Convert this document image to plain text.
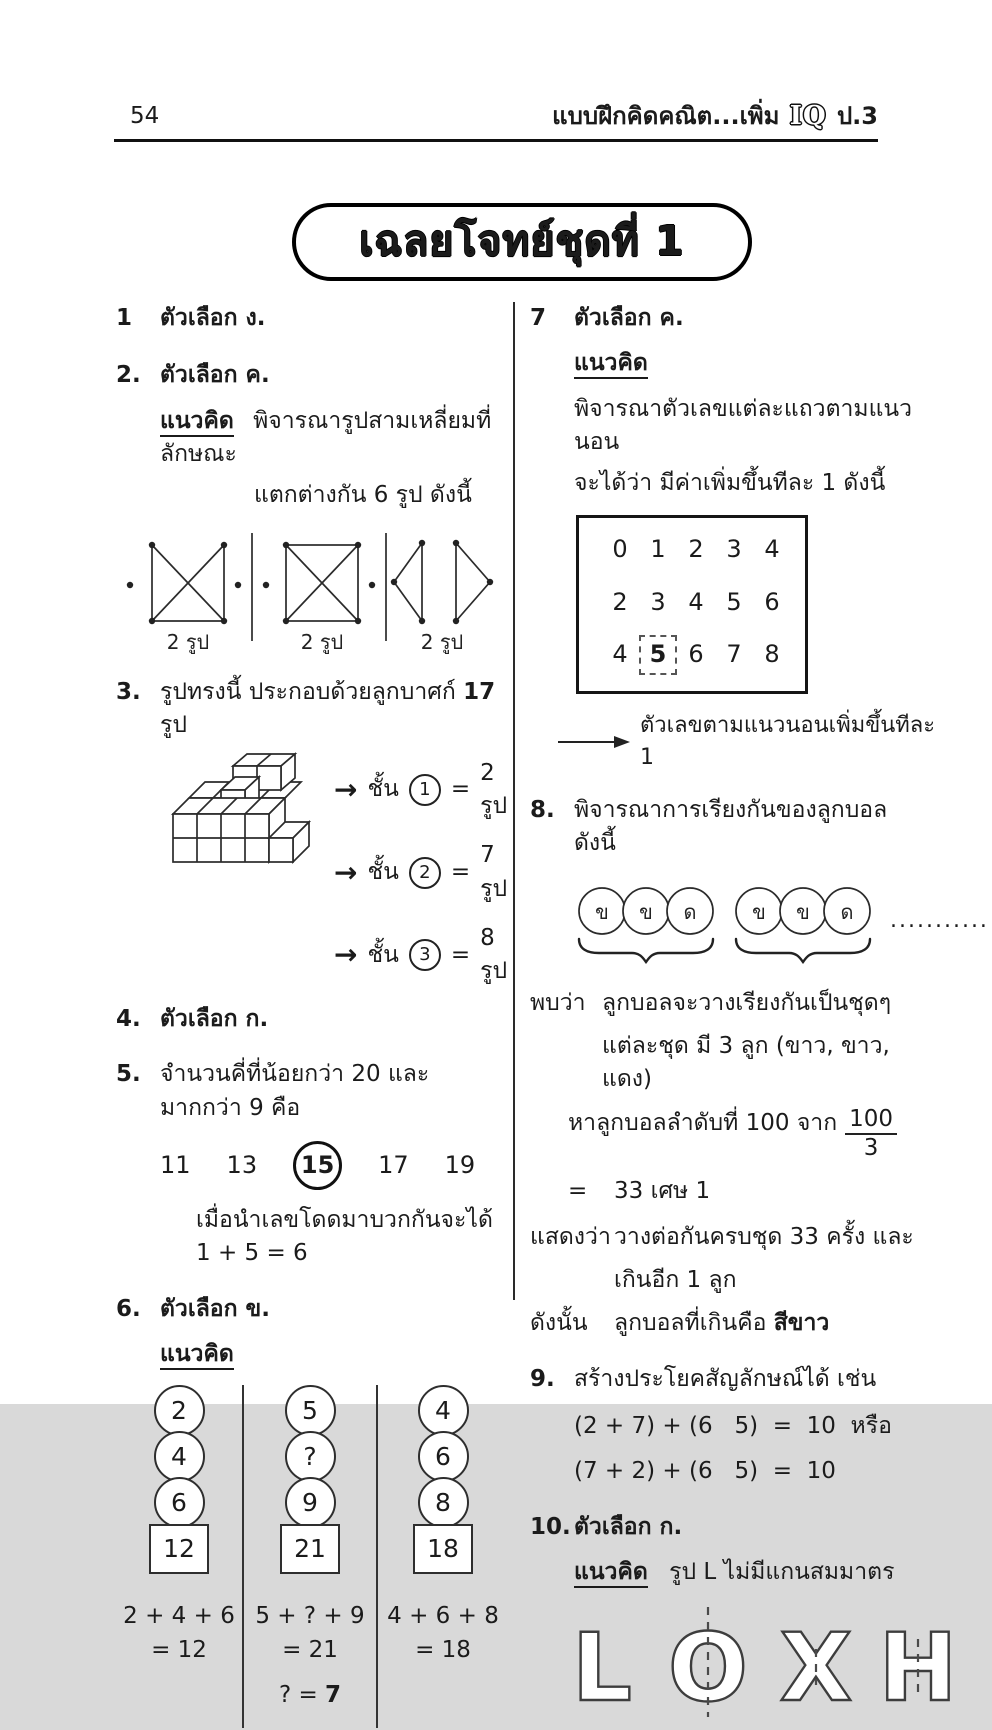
54	แบบฝึกคิดคณิต...เพิ่ม IQ ป.3
เฉลยโจทย์ชุดที่ 1
1	ตัวเลือก ง.
2. ตัวเลือก ค.
แนวคิด พิจารณารูปสามเหลี่ยมที่ลักษณะ
แตกต่างกัน 6 รูป ดังนี้
2 รูป	2 รูป	2 รูป
3. รูปทรงนี้ ประกอบด้วยลูกบาศก์ 17 รูป
→ ชั้น	1 =
2 รูป
→ ชั้น	2 =
7 รูป
→ ชั้น	3 =
8 รูป
4. ตัวเลือก ก.
5. จำนวนคี่ที่น้อยกว่า 20 และมากกว่า 9 คือ
11 13	15	17 19
เมื่อนำเลขโดดมาบวกกันจะได้ 1 + 5 = 6
6. ตัวเลือก ข.
แนวคิด
2
4
6
12
5
?
9
21
4
6
8
18
2 + 4 + 6 = 12
5 + ? + 9 = 21
4 + 6 + 8 = 18
? = 7
7	ตัวเลือก ค.
แนวคิด
พิจารณาตัวเลขแต่ละแถวตามแนวนอน
จะได้ว่า มีค่าเพิ่มขึ้นทีละ 1 ดังนี้
0 1 2 3 4
2 3 4 5 6
4 5 6 7 8
ตัวเลขตามแนวนอนเพิ่มขึ้นทีละ 1
8. พิจารณาการเรียงกันของลูกบอล ดังนี้
ข ข ด	ข ข ด ...........
พบว่า ลูกบอลจะวางเรียงกันเป็นชุดๆ
แต่ละชุด มี 3 ลูก (ขาว, ขาว, แดง)
หาลูกบอลลำดับที่ 100 จาก $\frac{100}{3}$
=	33 เศษ 1
แสดงว่า วางต่อกันครบชุด 33 ครั้ง และ
เกินอีก 1 ลูก
ดังนั้น	ลูกบอลที่เกินคือ สีขาว
9. สร้างประโยคสัญลักษณ์ได้ เช่น
(2 + 7) + (6   5)  =  10  หรือ
(7 + 2) + (6   5)  =  10
10. ตัวเลือก ก.
แนวคิด รูป L ไม่มีแกนสมมาตร
L O X H
